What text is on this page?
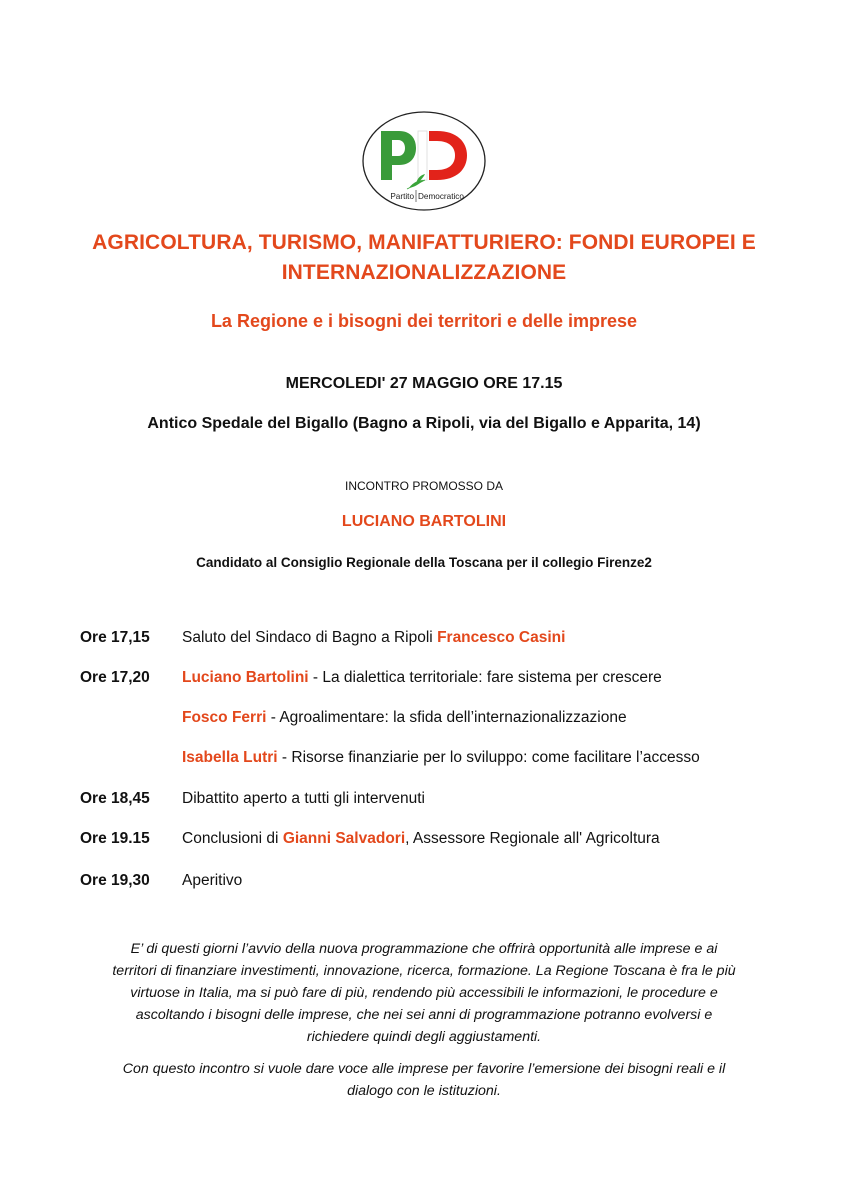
Partito Democratico
AGRICOLTURA, TURISMO, MANIFATTURIERO: FONDI EUROPEI E
INTERNAZIONALIZZAZIONE
La Regione e i bisogni dei territori e delle imprese
MERCOLEDI' 27 MAGGIO ORE 17.15
Antico Spedale del Bigallo (Bagno a Ripoli, via del Bigallo e Apparita, 14)
INCONTRO PROMOSSO DA
LUCIANO BARTOLINI
Candidato al Consiglio Regionale della Toscana per il collegio Firenze2
Ore 17,15 Saluto del Sindaco di Bagno a Ripoli Francesco Casini
Ore 17,20 Luciano Bartolini - La dialettica territoriale: fare sistema per crescere
Fosco Ferri - Agroalimentare: la sfida dell’internazionalizzazione
Isabella Lutri - Risorse finanziarie per lo sviluppo: come facilitare l’accesso
Ore 18,45 Dibattito aperto a tutti gli intervenuti
Ore 19.15 Conclusioni di Gianni Salvadori, Assessore Regionale all' Agricoltura
Ore 19,30 Aperitivo
E’ di questi giorni l’avvio della nuova programmazione che offrirà opportunità alle imprese e ai
territori di finanziare investimenti, innovazione, ricerca, formazione. La Regione Toscana è fra le più
virtuose in Italia, ma si può fare di più, rendendo più accessibili le informazioni, le procedure e
ascoltando i bisogni delle imprese, che nei sei anni di programmazione potranno evolversi e
richiedere quindi degli aggiustamenti.
Con questo incontro si vuole dare voce alle imprese per favorire l’emersione dei bisogni reali e il
dialogo con le istituzioni.
